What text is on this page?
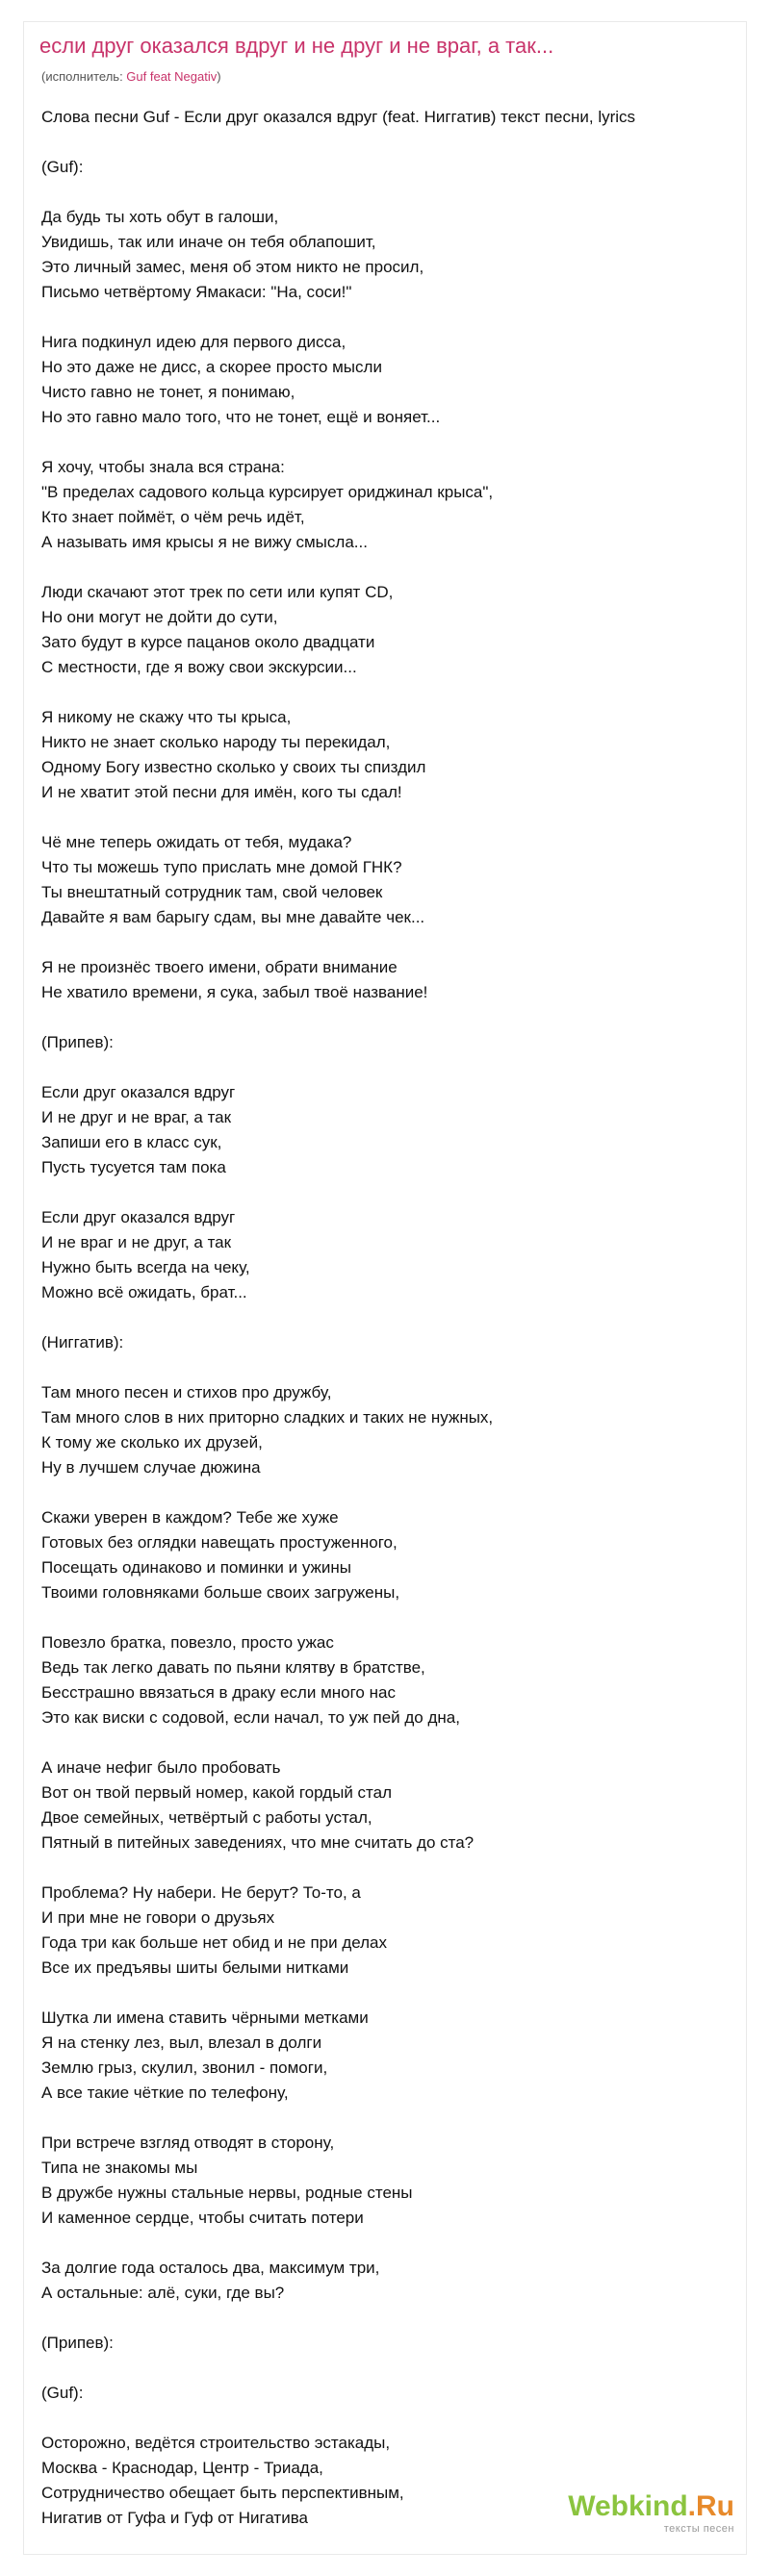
если друг оказался вдруг и не друг и не враг, а так...
(исполнитель: Guf feat Negativ)
Слова песни Guf - Если друг оказался вдруг (feat. Ниггатив) текст песни, lyrics

(Guf):

Да будь ты хоть обут в галоши,
Увидишь, так или иначе он тебя облапошит,
Это личный замес, меня об этом никто не просил,
Письмо четвёртому Ямакаси: "На, соси!"

Нига подкинул идею для первого дисса,
Но это даже не дисс, а скорее просто мысли
Чисто гавно не тонет, я понимаю,
Но это гавно мало того, что не тонет, ещё и воняет...

Я хочу, чтобы знала вся страна:
"В пределах садового кольца курсирует ориджинал крыса",
Кто знает поймёт, о чём речь идёт,
А называть имя крысы я не вижу смысла...

Люди скачают этот трек по сети или купят CD,
Но они могут не дойти до сути,
Зато будут в курсе пацанов около двадцати
С местности, где я вожу свои экскурсии...

Я никому не скажу что ты крыса,
Никто не знает сколько народу ты перекидал,
Одному Богу известно сколько у своих ты спиздил
И не хватит этой песни для имён, кого ты сдал!

Чё мне теперь ожидать от тебя, мудака?
Что ты можешь тупо прислать мне домой ГНК?
Ты внештатный сотрудник там, свой человек
Давайте я вам барыгу сдам, вы мне давайте чек...

Я не произнёс твоего имени, обрати внимание
Не хватило времени, я сука, забыл твоё название!

(Припев):

Если друг оказался вдруг
И не друг и не враг, а так
Запиши его в класс сук,
Пусть тусуется там пока

Если друг оказался вдруг
И не враг и не друг, а так
Нужно быть всегда на чеку,
Можно всё ожидать, брат...

(Ниггатив):

Там много песен и стихов про дружбу,
Там много слов в них приторно сладких и таких не нужных,
К тому же сколько их друзей,
Ну в лучшем случае дюжина

Скажи уверен в каждом? Тебе же хуже
Готовых без оглядки навещать простуженного,
Посещать одинаково и поминки и ужины
Твоими головняками больше своих загружены,

Повезло братка, повезло, просто ужас
Ведь так легко давать по пьяни клятву в братстве,
Бесстрашно ввязаться в драку если много нас
Это как виски с содовой, если начал, то уж пей до дна,

А иначе нефиг было пробовать
Вот он твой первый номер, какой гордый стал
Двое семейных, четвёртый с работы устал,
Пятный в питейных заведениях, что мне считать до ста?

Проблема? Ну набери. Не берут? То-то, а
И при мне не говори о друзьях
Года три как больше нет обид и не при делах
Все их предъявы шиты белыми нитками

Шутка ли имена ставить чёрными метками
Я на стенку лез, выл, влезал в долги
Землю грыз, скулил, звонил - помоги,
А все такие чёткие по телефону,

При встрече взгляд отводят в сторону,
Типа не знакомы мы
В дружбе нужны стальные нервы, родные стены
И каменное сердце, чтобы считать потери

За долгие года осталось два, максимум три,
А остальные: алё, суки, где вы?

(Припев):

(Guf):

Осторожно, ведётся строительство эстакады,
Москва - Краснодар, Центр - Триада,
Сотрудничество обещает быть перспективным,
Нигатив от Гуфа и Гуф от Нигатива	Webkind.Ru
тексты песен
